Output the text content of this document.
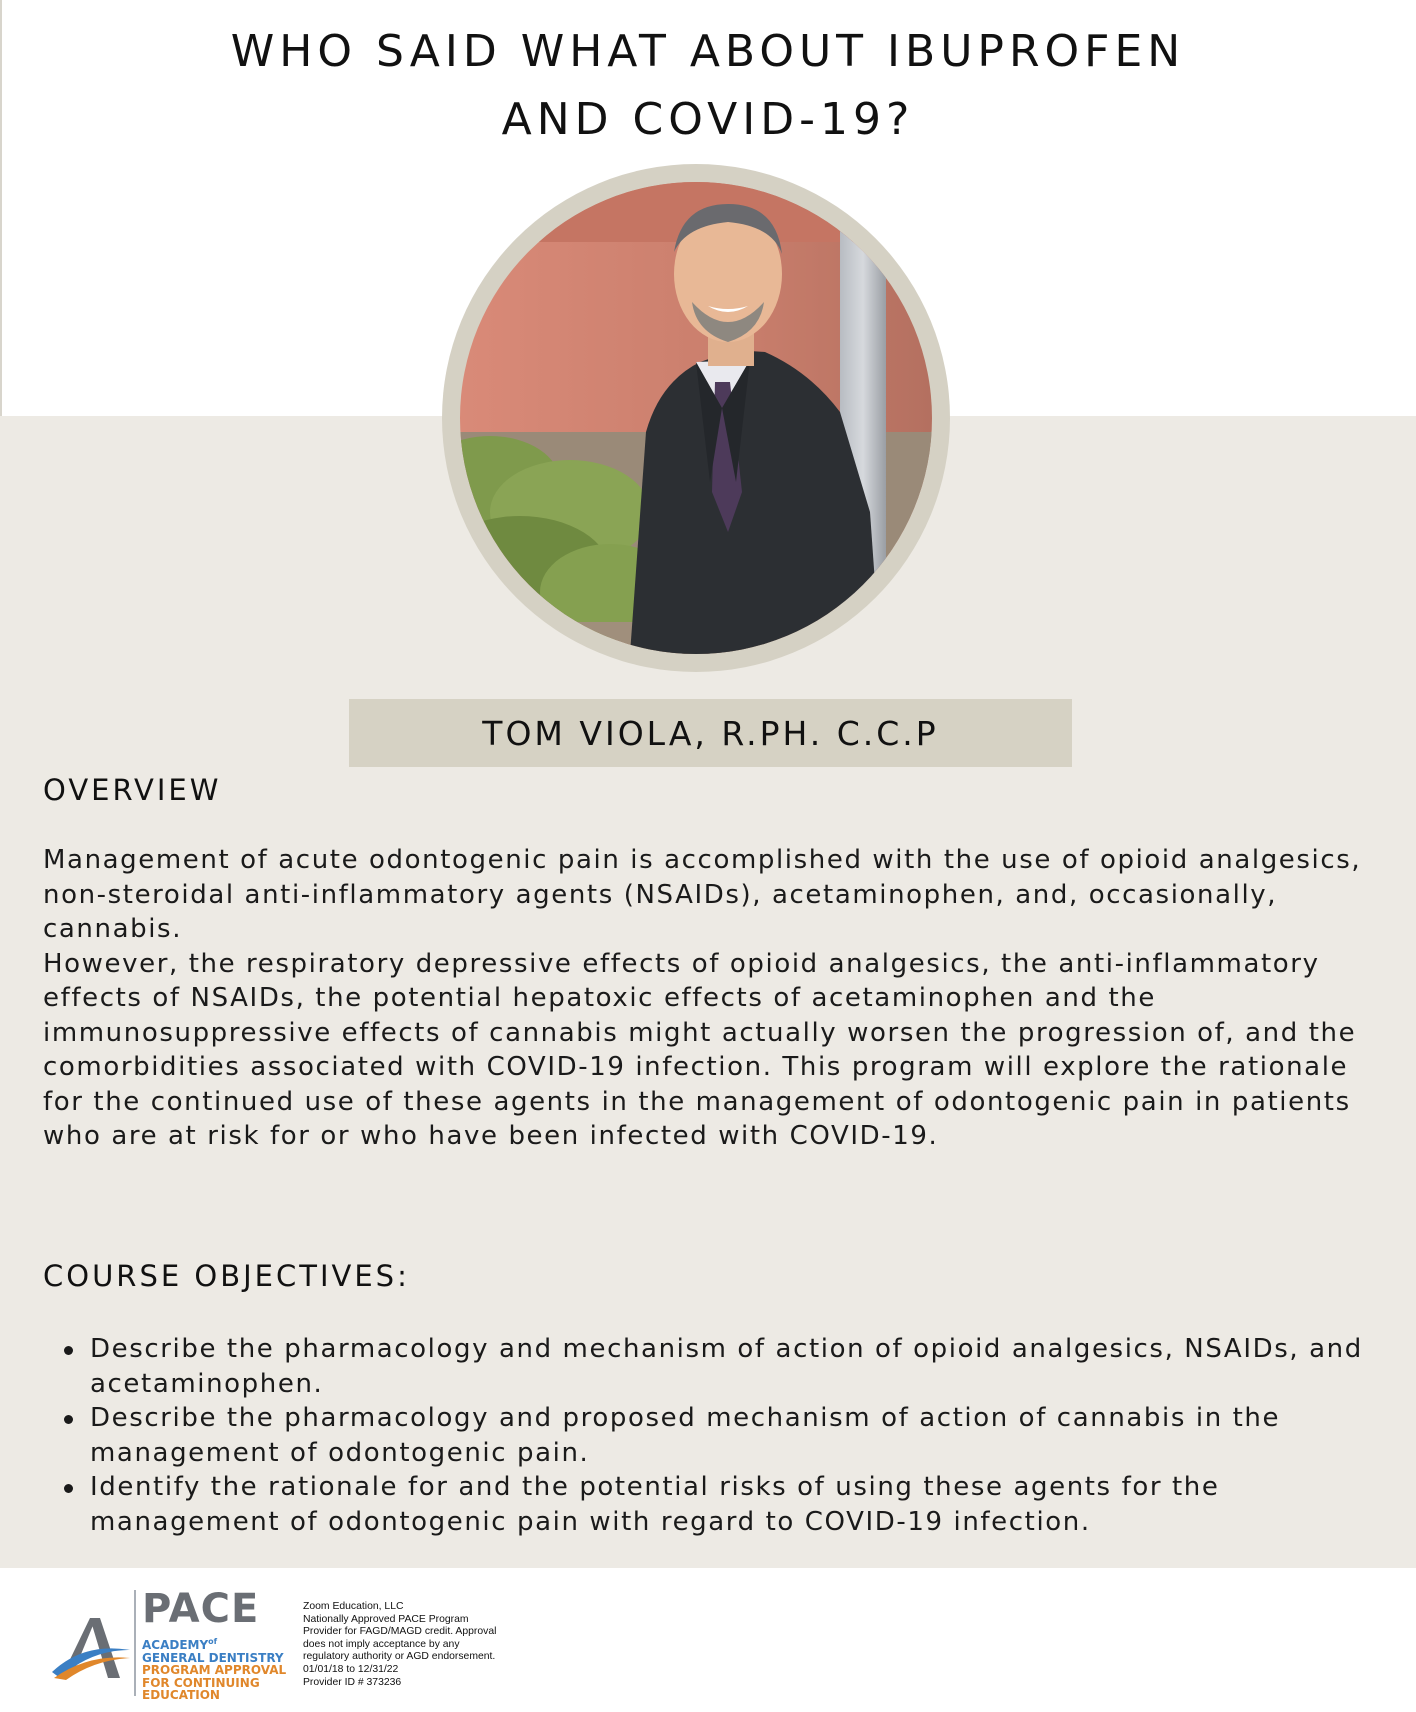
WHO SAID WHAT ABOUT IBUPROFEN
AND COVID-19?
TOM VIOLA, R.PH. C.C.P
OVERVIEW

Management of acute odontogenic pain is accomplished with the use of opioid analgesics, non-steroidal anti-inflammatory agents (NSAIDs), acetaminophen, and, occasionally, cannabis.

However, the respiratory depressive effects of opioid analgesics, the anti-inflammatory effects of NSAIDs, the potential hepatoxic effects of acetaminophen and the immunosuppressive effects of cannabis might actually worsen the progression of, and the comorbidities associated with COVID-19 infection. This program will explore the rationale for the continued use of these agents in the management of odontogenic pain in patients who are at risk for or who have been infected with COVID-19.

COURSE OBJECTIVES:
Describe the pharmacology and mechanism of action of opioid analgesics, NSAIDs, and acetaminophen.
Describe the pharmacology and proposed mechanism of action of cannabis in the management of odontogenic pain.
Identify the rationale for and the potential risks of using these agents for the management of odontogenic pain with regard to COVID-19 infection.
PACE
$ACADEMY^{of}$
GENERAL DENTISTRY
PROGRAM APPROVAL
FOR CONTINUING
EDUCATION
Zoom Education, LLC
Nationally Approved PACE Program
Provider for FAGD/MAGD credit. Approval
does not imply acceptance by any
regulatory authority or AGD endorsement.
01/01/18 to 12/31/22
Provider ID # 373236
